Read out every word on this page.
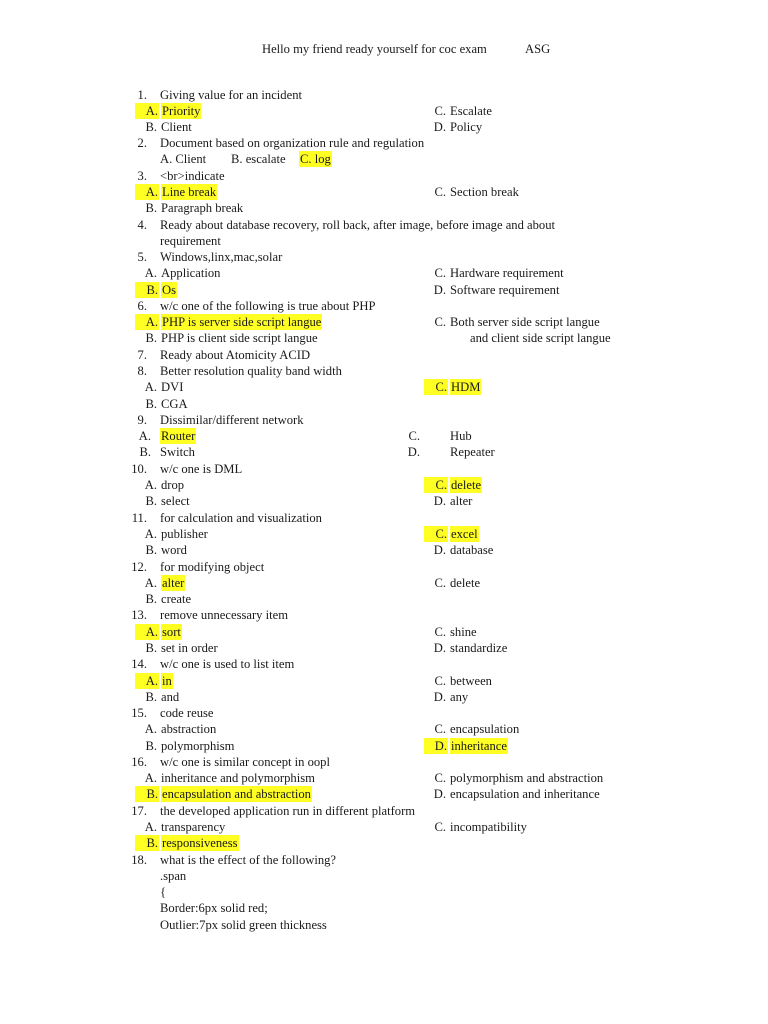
Hello my friend ready yourself for coc exam	ASG
1. Giving value for an incident
A. Priority	C. Escalate
B. Client	D. Policy
2. Document based on organization rule and regulation
A. Client B. escalate C. log
3. <br>indicate
A. Line break	C. Section break
B. Paragraph break
4. Ready about database recovery, roll back, after image, before image and about
requirement
5. Windows,linx,mac,solar
A. Application	C. Hardware requirement
B. Os	D. Software requirement
6. w/c one of the following is true about PHP
A. PHP is server side script langue	C. Both server side script langue
B. PHP is client side script langue	and client side script langue
7. Ready about Atomicity ACID
8. Better resolution quality band width
A. DVI	C. HDM
B. CGA
9. Dissimilar/different network
A. Router	C. Hub
B. Switch	D. Repeater
10. w/c one is DML
A. drop	C. delete
B. select	D. alter
11. for calculation and visualization
A. publisher	C. excel
B. word	D. database
12. for modifying object
A. alter	C. delete
B. create
13. remove unnecessary item
A. sort	C. shine
B. set in order	D. standardize
14. w/c one is used to list item
A. in	C. between
B. and	D. any
15. code reuse
A. abstraction	C. encapsulation
B. polymorphism	D. inheritance
16. w/c one is similar concept in oopl
A. inheritance and polymorphism	C. polymorphism and abstraction
B. encapsulation and abstraction	D. encapsulation and inheritance
17. the developed application run in different platform
A. transparency	C. incompatibility
B. responsiveness
18. what is the effect of the following?
.span
{
Border:6px solid red;
Outlier:7px solid green thickness
